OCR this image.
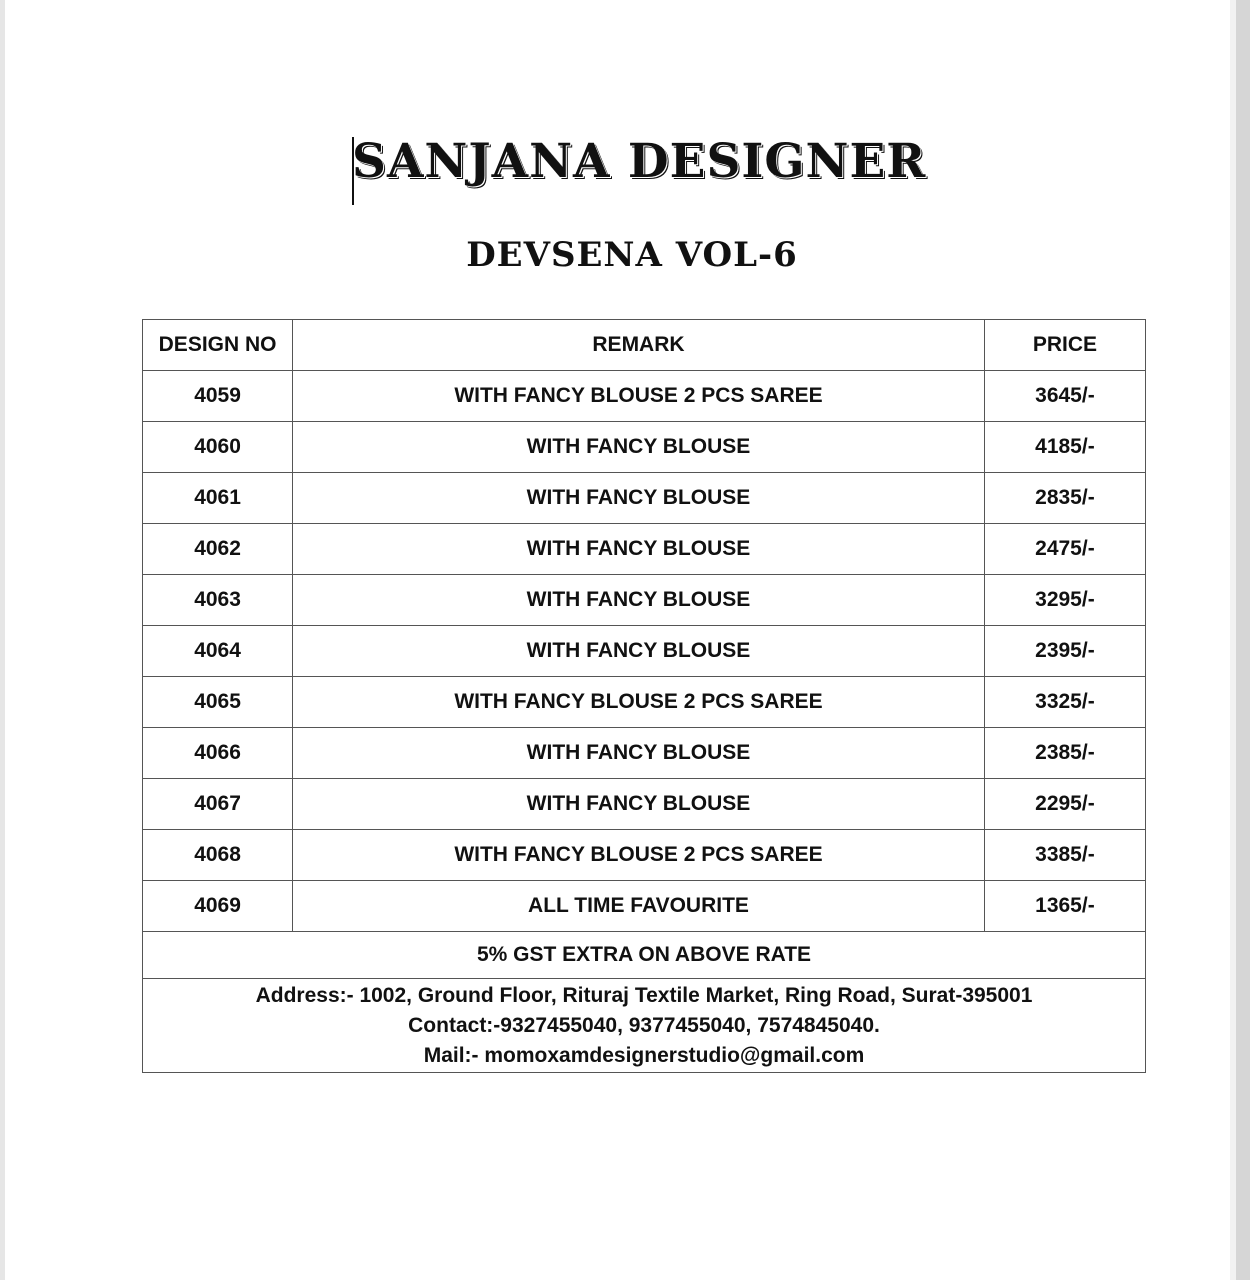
SANJANA DESIGNER
DEVSENA VOL-6
DESIGN NO	REMARK	PRICE
4059	WITH FANCY BLOUSE 2 PCS SAREE	3645/-
4060	WITH FANCY BLOUSE	4185/-
4061	WITH FANCY BLOUSE	2835/-
4062	WITH FANCY BLOUSE	2475/-
4063	WITH FANCY BLOUSE	3295/-
4064	WITH FANCY BLOUSE	2395/-
4065	WITH FANCY BLOUSE 2 PCS SAREE	3325/-
4066	WITH FANCY BLOUSE	2385/-
4067	WITH FANCY BLOUSE	2295/-
4068	WITH FANCY BLOUSE 2 PCS SAREE	3385/-
4069	ALL TIME FAVOURITE	1365/-
5% GST EXTRA ON ABOVE RATE		

Address:- 1002, Ground Floor, Rituraj Textile Market, Ring Road, Surat-395001
Contact:-9327455040, 9377455040, 7574845040.
Mail:- momoxamdesignerstudio@gmail.com		
